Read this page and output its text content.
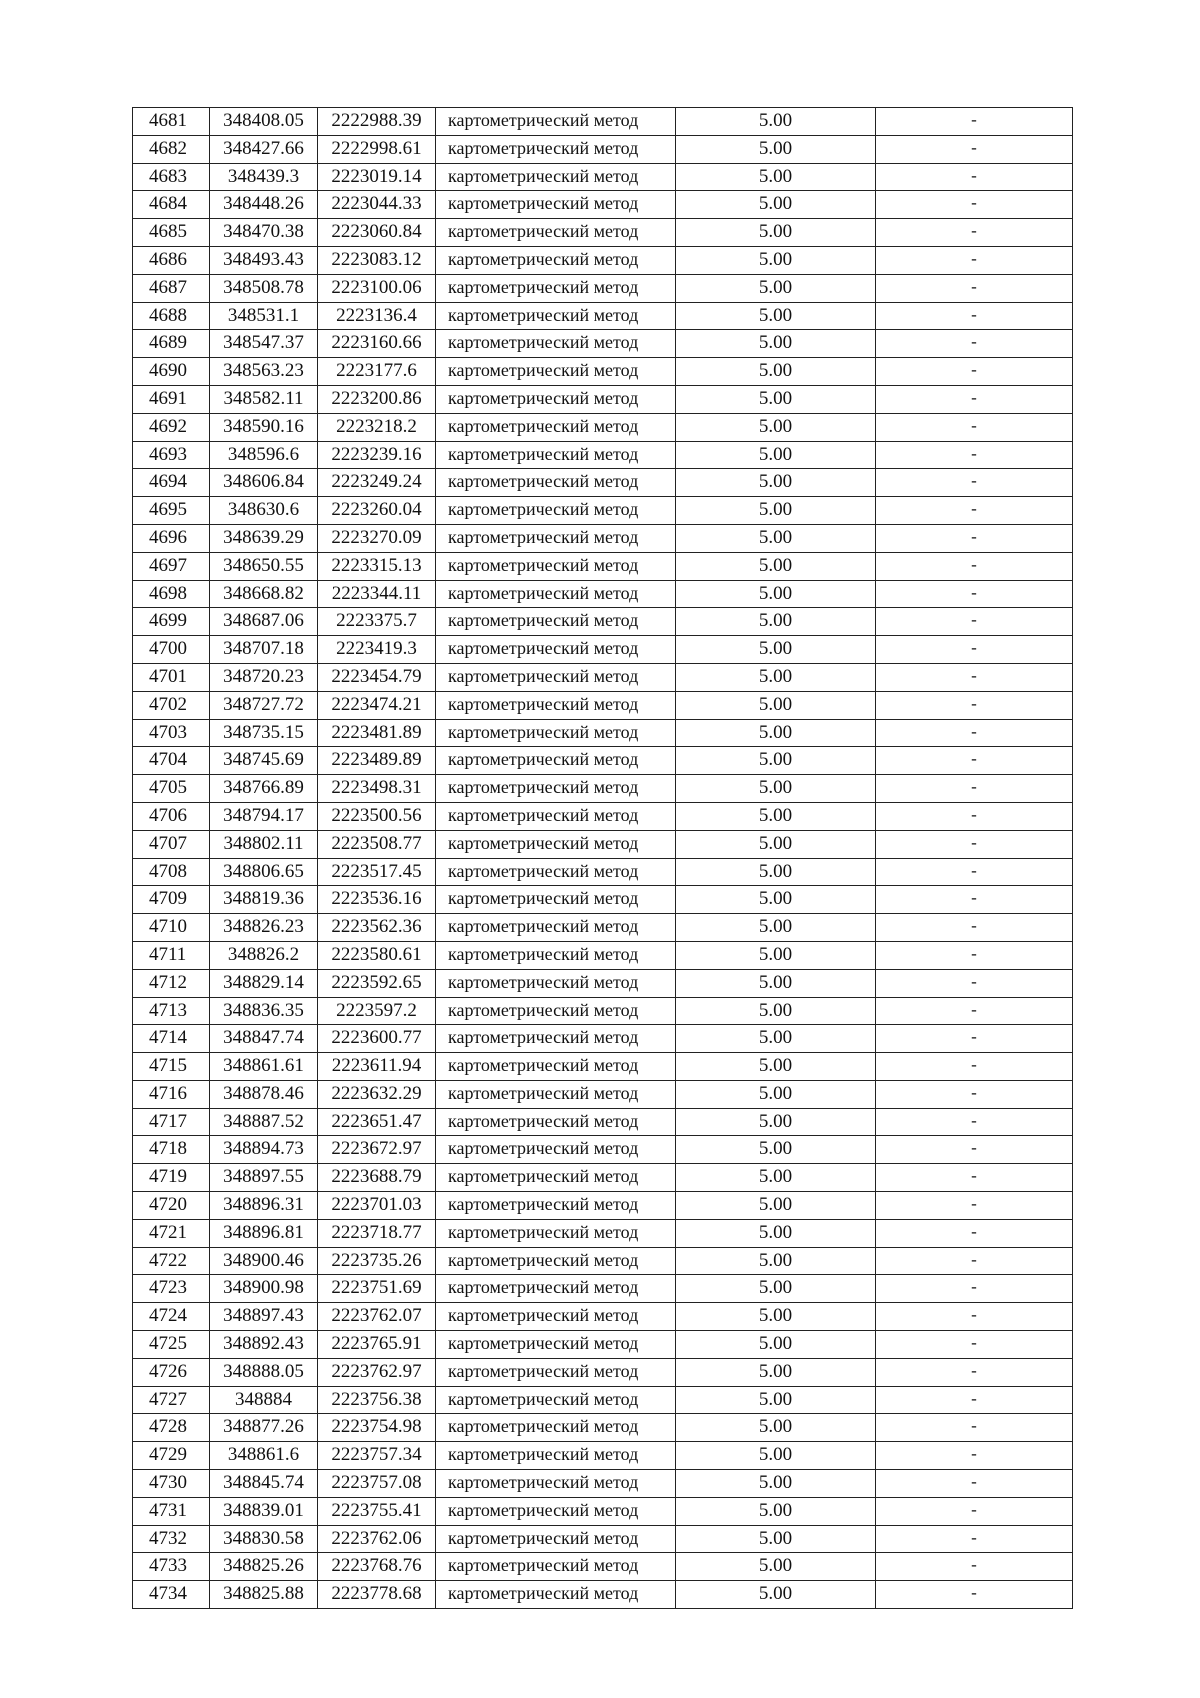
4681	348408.05	2222988.39	картометрический метод	5.00	-
4682	348427.66	2222998.61	картометрический метод	5.00	-
4683	348439.3	2223019.14	картометрический метод	5.00	-
4684	348448.26	2223044.33	картометрический метод	5.00	-
4685	348470.38	2223060.84	картометрический метод	5.00	-
4686	348493.43	2223083.12	картометрический метод	5.00	-
4687	348508.78	2223100.06	картометрический метод	5.00	-
4688	348531.1	2223136.4	картометрический метод	5.00	-
4689	348547.37	2223160.66	картометрический метод	5.00	-
4690	348563.23	2223177.6	картометрический метод	5.00	-
4691	348582.11	2223200.86	картометрический метод	5.00	-
4692	348590.16	2223218.2	картометрический метод	5.00	-
4693	348596.6	2223239.16	картометрический метод	5.00	-
4694	348606.84	2223249.24	картометрический метод	5.00	-
4695	348630.6	2223260.04	картометрический метод	5.00	-
4696	348639.29	2223270.09	картометрический метод	5.00	-
4697	348650.55	2223315.13	картометрический метод	5.00	-
4698	348668.82	2223344.11	картометрический метод	5.00	-
4699	348687.06	2223375.7	картометрический метод	5.00	-
4700	348707.18	2223419.3	картометрический метод	5.00	-
4701	348720.23	2223454.79	картометрический метод	5.00	-
4702	348727.72	2223474.21	картометрический метод	5.00	-
4703	348735.15	2223481.89	картометрический метод	5.00	-
4704	348745.69	2223489.89	картометрический метод	5.00	-
4705	348766.89	2223498.31	картометрический метод	5.00	-
4706	348794.17	2223500.56	картометрический метод	5.00	-
4707	348802.11	2223508.77	картометрический метод	5.00	-
4708	348806.65	2223517.45	картометрический метод	5.00	-
4709	348819.36	2223536.16	картометрический метод	5.00	-
4710	348826.23	2223562.36	картометрический метод	5.00	-
4711	348826.2	2223580.61	картометрический метод	5.00	-
4712	348829.14	2223592.65	картометрический метод	5.00	-
4713	348836.35	2223597.2	картометрический метод	5.00	-
4714	348847.74	2223600.77	картометрический метод	5.00	-
4715	348861.61	2223611.94	картометрический метод	5.00	-
4716	348878.46	2223632.29	картометрический метод	5.00	-
4717	348887.52	2223651.47	картометрический метод	5.00	-
4718	348894.73	2223672.97	картометрический метод	5.00	-
4719	348897.55	2223688.79	картометрический метод	5.00	-
4720	348896.31	2223701.03	картометрический метод	5.00	-
4721	348896.81	2223718.77	картометрический метод	5.00	-
4722	348900.46	2223735.26	картометрический метод	5.00	-
4723	348900.98	2223751.69	картометрический метод	5.00	-
4724	348897.43	2223762.07	картометрический метод	5.00	-
4725	348892.43	2223765.91	картометрический метод	5.00	-
4726	348888.05	2223762.97	картометрический метод	5.00	-
4727	348884	2223756.38	картометрический метод	5.00	-
4728	348877.26	2223754.98	картометрический метод	5.00	-
4729	348861.6	2223757.34	картометрический метод	5.00	-
4730	348845.74	2223757.08	картометрический метод	5.00	-
4731	348839.01	2223755.41	картометрический метод	5.00	-
4732	348830.58	2223762.06	картометрический метод	5.00	-
4733	348825.26	2223768.76	картометрический метод	5.00	-
4734	348825.88	2223778.68	картометрический метод	5.00	-
